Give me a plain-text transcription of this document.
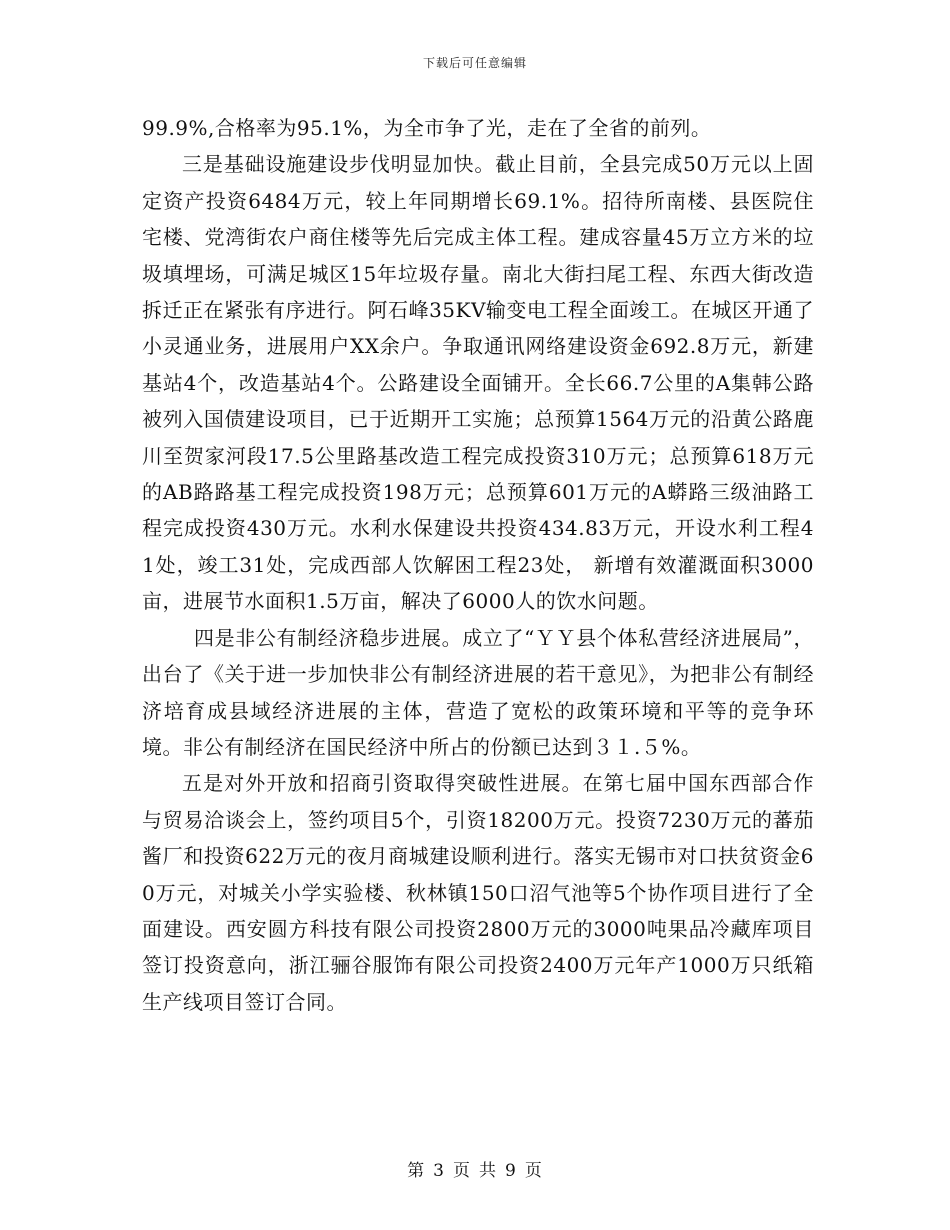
下载后可任意编辑

99.9%,合格率为95.1%，为全市争了光，走在了全省的前列。

三是基础设施建设步伐明显加快。截止目前，全县完成50万元以上固定资产投资6484万元，较上年同期增长69.1%。招待所南楼、县医院住宅楼、党湾街农户商住楼等先后完成主体工程。建成容量45万立方米的垃圾填埋场，可满足城区15年垃圾存量。南北大街扫尾工程、东西大街改造拆迁正在紧张有序进行。阿石峰35KV输变电工程全面竣工。在城区开通了小灵通业务，进展用户XX余户。争取通讯网络建设资金692.8万元，新建基站4个，改造基站4个。公路建设全面铺开。全长66.7公里的A集韩公路被列入国债建设项目，已于近期开工实施；总预算1564万元的沿黄公路鹿川至贺家河段17.5公里路基改造工程完成投资310万元；总预算618万元的AB路路基工程完成投资198万元；总预算601万元的A蟒路三级油路工程完成投资430万元。水利水保建设共投资434.83万元，开设水利工程41处，竣工31处，完成西部人饮解困工程23处， 新增有效灌溉面积3000亩，进展节水面积1.5万亩，解决了6000人的饮水问题。

四是非公有制经济稳步进展。成立了“ＹＹ县个体私营经济进展局”，出台了《关于进一步加快非公有制经济进展的若干意见》，为把非公有制经济培育成县域经济进展的主体，营造了宽松的政策环境和平等的竞争环境。非公有制经济在国民经济中所占的份额已达到３１.５%。

五是对外开放和招商引资取得突破性进展。在第七届中国东西部合作与贸易洽谈会上，签约项目5个，引资18200万元。投资7230万元的蕃茄酱厂和投资622万元的夜月商城建设顺利进行。落实无锡市对口扶贫资金60万元，对城关小学实验楼、秋林镇150口沼气池等5个协作项目进行了全面建设。西安圆方科技有限公司投资2800万元的3000吨果品冷藏库项目签订投资意向，浙江骊谷服饰有限公司投资2400万元年产1000万只纸箱生产线项目签订合同。

第 3 页 共 9 页
